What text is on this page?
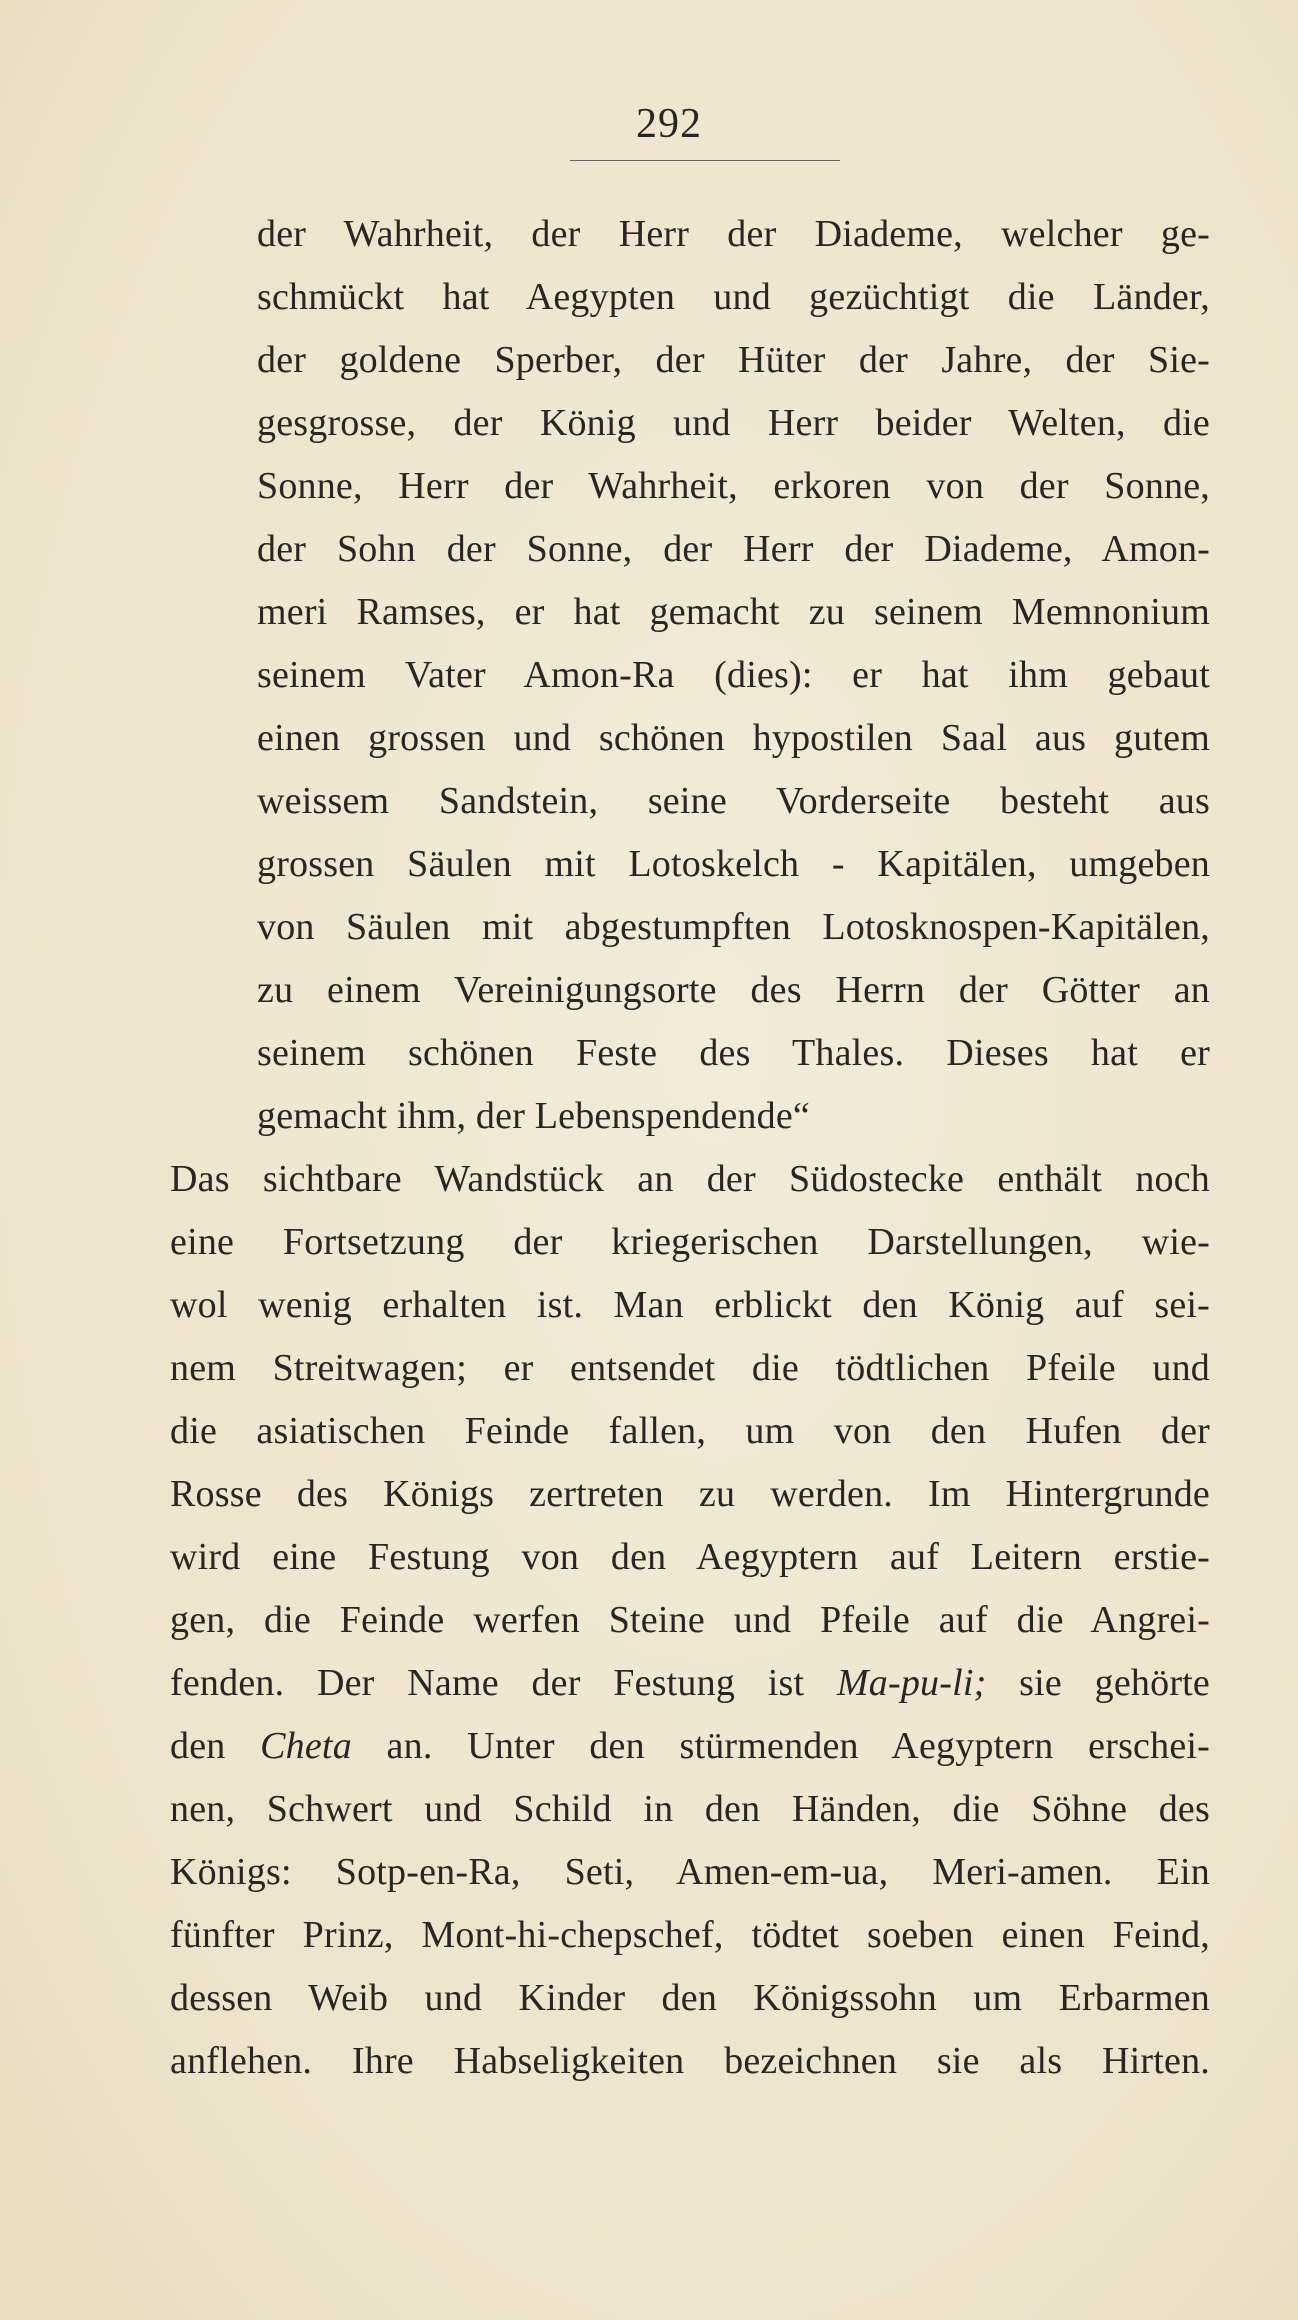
292
der Wahrheit, der Herr der Diademe, welcher ge-
schmückt hat Aegypten und gezüchtigt die Länder,
der goldene Sperber, der Hüter der Jahre, der Sie-
gesgrosse, der König und Herr beider Welten, die
Sonne, Herr der Wahrheit, erkoren von der Sonne,
der Sohn der Sonne, der Herr der Diademe, Amon-
meri Ramses, er hat gemacht zu seinem Memnonium
seinem Vater Amon-Ra (dies): er hat ihm gebaut
einen grossen und schönen hypostilen Saal aus gutem
weissem Sandstein, seine Vorderseite besteht aus
grossen Säulen mit Lotoskelch - Kapitälen, umgeben
von Säulen mit abgestumpften Lotosknospen-Kapitälen,
zu einem Vereinigungsorte des Herrn der Götter an
seinem schönen Feste des Thales. Dieses hat er
gemacht ihm, der Lebenspendende“
Das sichtbare Wandstück an der Südostecke enthält noch
eine Fortsetzung der kriegerischen Darstellungen, wie-
wol wenig erhalten ist. Man erblickt den König auf sei-
nem Streitwagen; er entsendet die tödtlichen Pfeile und
die asiatischen Feinde fallen, um von den Hufen der
Rosse des Königs zertreten zu werden. Im Hintergrunde
wird eine Festung von den Aegyptern auf Leitern erstie-
gen, die Feinde werfen Steine und Pfeile auf die Angrei-
fenden. Der Name der Festung ist Ma-pu-li; sie gehörte
den Cheta an. Unter den stürmenden Aegyptern erschei-
nen, Schwert und Schild in den Händen, die Söhne des
Königs: Sotp-en-Ra, Seti, Amen-em-ua, Meri-amen. Ein
fünfter Prinz, Mont-hi-chepschef, tödtet soeben einen Feind,
dessen Weib und Kinder den Königssohn um Erbarmen
anflehen. Ihre Habseligkeiten bezeichnen sie als Hirten.
